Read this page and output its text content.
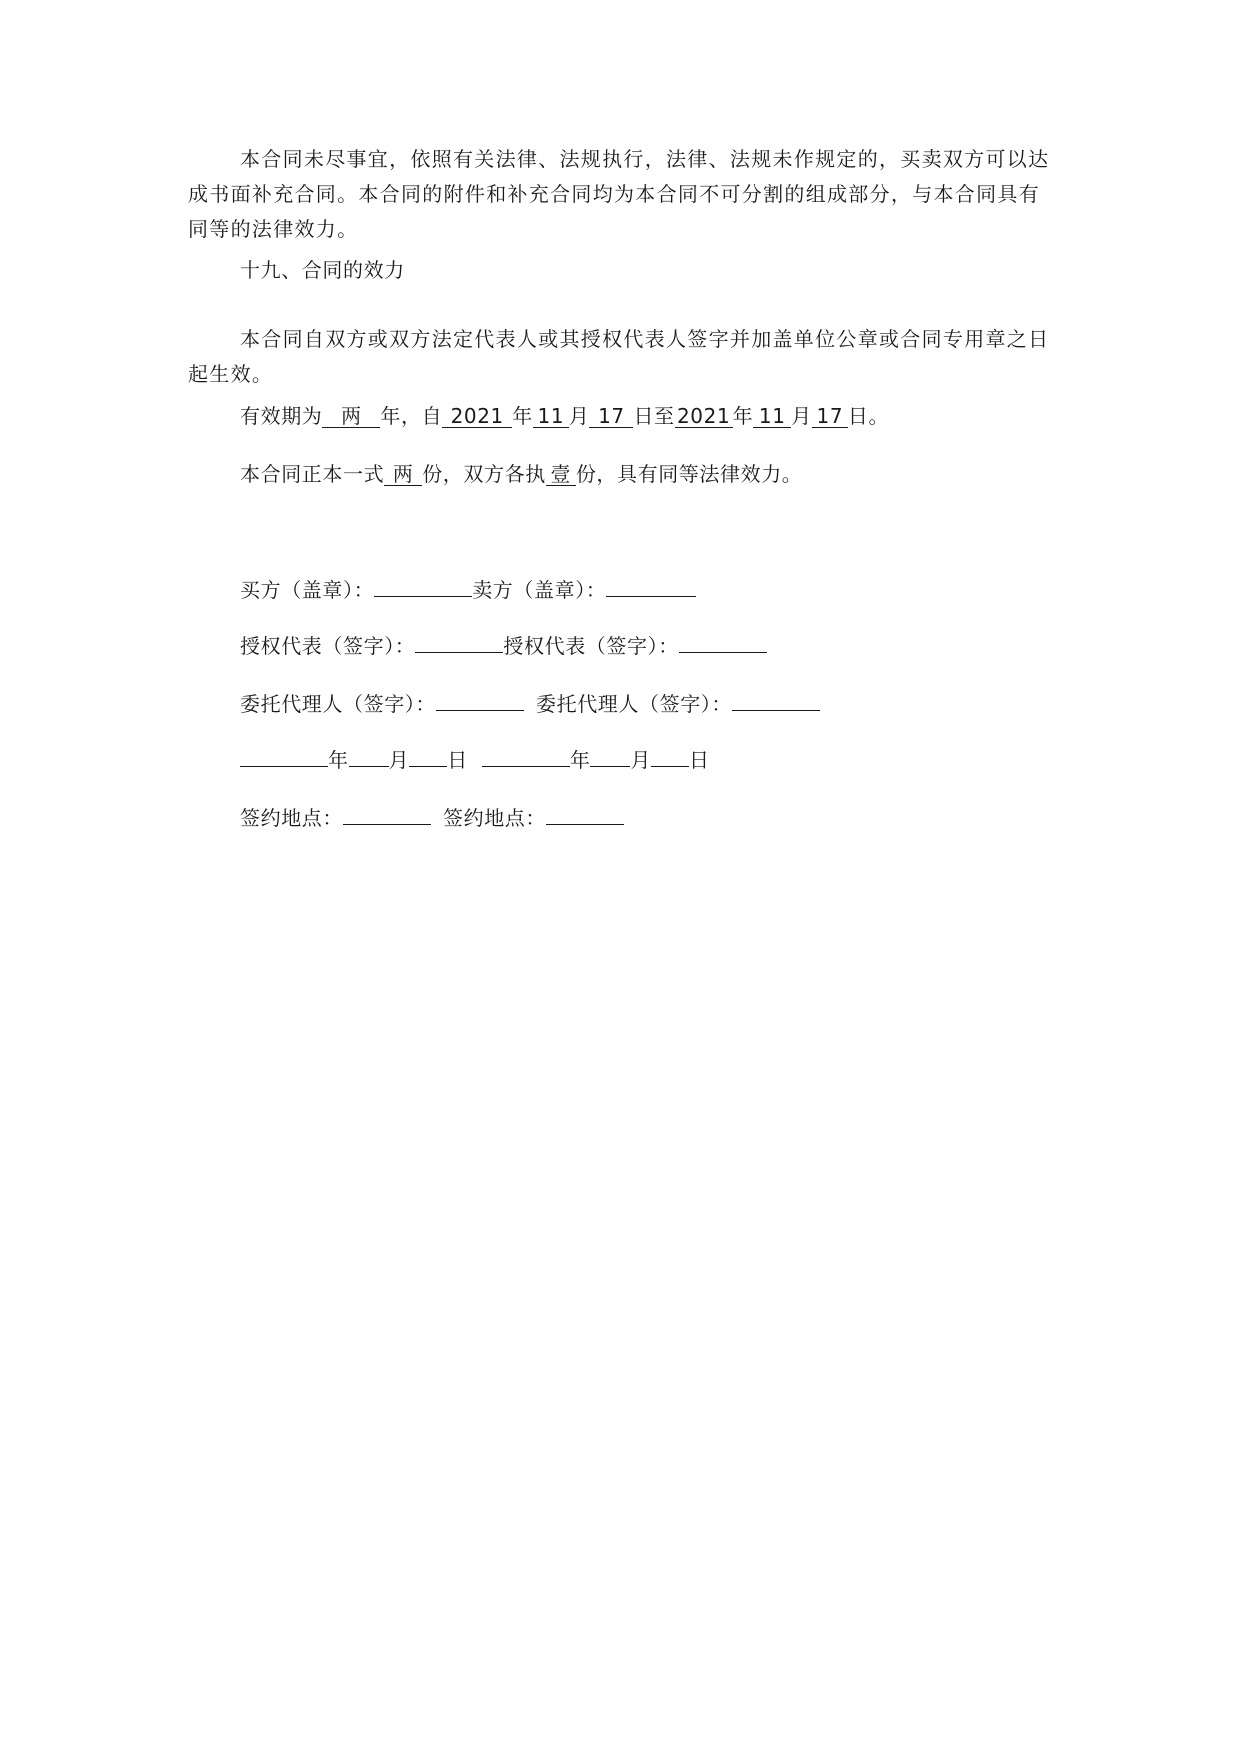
本合同未尽事宜，依照有关法律、法规执行，法律、法规未作规定的，买卖双方可以达成书面补充合同。本合同的附件和补充合同均为本合同不可分割的组成部分，与本合同具有同等的法律效力。

十九、合同的效力

本合同自双方或双方法定代表人或其授权代表人签字并加盖单位公章或合同专用章之日起生效。

有效期为 两 年，自 2021 年 11 月 17 日至 2021 年 11 月 17 日。

本合同正本一式 两 份，双方各执 壹 份，具有同等法律效力。

买方（盖章）：	卖方（盖章）：

授权代表（签字）：	授权代表（签字）：

委托代理人（签字）：	委托代理人（签字）：

年 月 日	年 月 日

签约地点：	签约地点：
